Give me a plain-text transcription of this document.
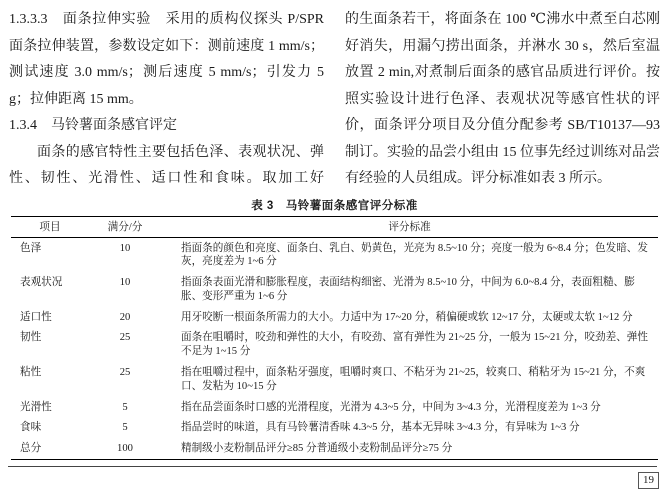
1.3.3.3　面条拉伸实验　采用的质构仪探头 P/SPR 面条拉伸装置，参数设定如下：测前速度 1 mm/s；测试速度 3.0 mm/s；测后速度 5 mm/s；引发力 5 g；拉伸距离 15 mm。

1.3.4　马铃薯面条感官评定

面条的感官特性主要包括色泽、表观状况、弹性、韧性、光滑性、适口性和食味。取加工好

的生面条若干，将面条在 100 ℃沸水中煮至白芯刚好消失，用漏勺捞出面条，并淋水 30 s，然后室温放置 2 min,对煮制后面条的感官品质进行评价。按照实验设计进行色泽、表观状况等感官性状的评价，面条评分项目及分值分配参考 SB/T10137—93 制订。实验的品尝小组由 15 位事先经过训练对品尝有经验的人员组成。评分标准如表 3 所示。

表 3　马铃薯面条感官评分标准
项目	满分/分	评分标准
色泽	10	指面条的颜色和亮度、面条白、乳白、奶黄色，光亮为 8.5~10 分；亮度一般为 6~8.4 分；色发暗、发灰，亮度差为 1~6 分
表观状况	10	指面条表面光滑和膨胀程度，表面结构细密、光滑为 8.5~10 分，中间为 6.0~8.4 分，表面粗糙、膨胀、变形严重为 1~6 分
适口性	20	用牙咬断一根面条所需力的大小。力适中为 17~20 分，稍偏硬或软 12~17 分，太硬或太软 1~12 分
韧性	25	面条在咀嚼时，咬劲和弹性的大小，有咬劲、富有弹性为 21~25 分，一般为 15~21 分，咬劲差、弹性不足为 1~15 分
粘性	25	指在咀嚼过程中，面条粘牙强度，咀嚼时爽口、不粘牙为 21~25，较爽口、稍粘牙为 15~21 分，不爽口、发粘为 10~15 分
光滑性	5	指在品尝面条时口感的光滑程度，光滑为 4.3~5 分，中间为 3~4.3 分，光滑程度差为 1~3 分
食味	5	指品尝时的味道，具有马铃薯清香味 4.3~5 分，基本无异味 3~4.3 分，有异味为 1~3 分
总分	100	精制级小麦粉制品评分≥85 分普通级小麦粉制品评分≥75 分
19
